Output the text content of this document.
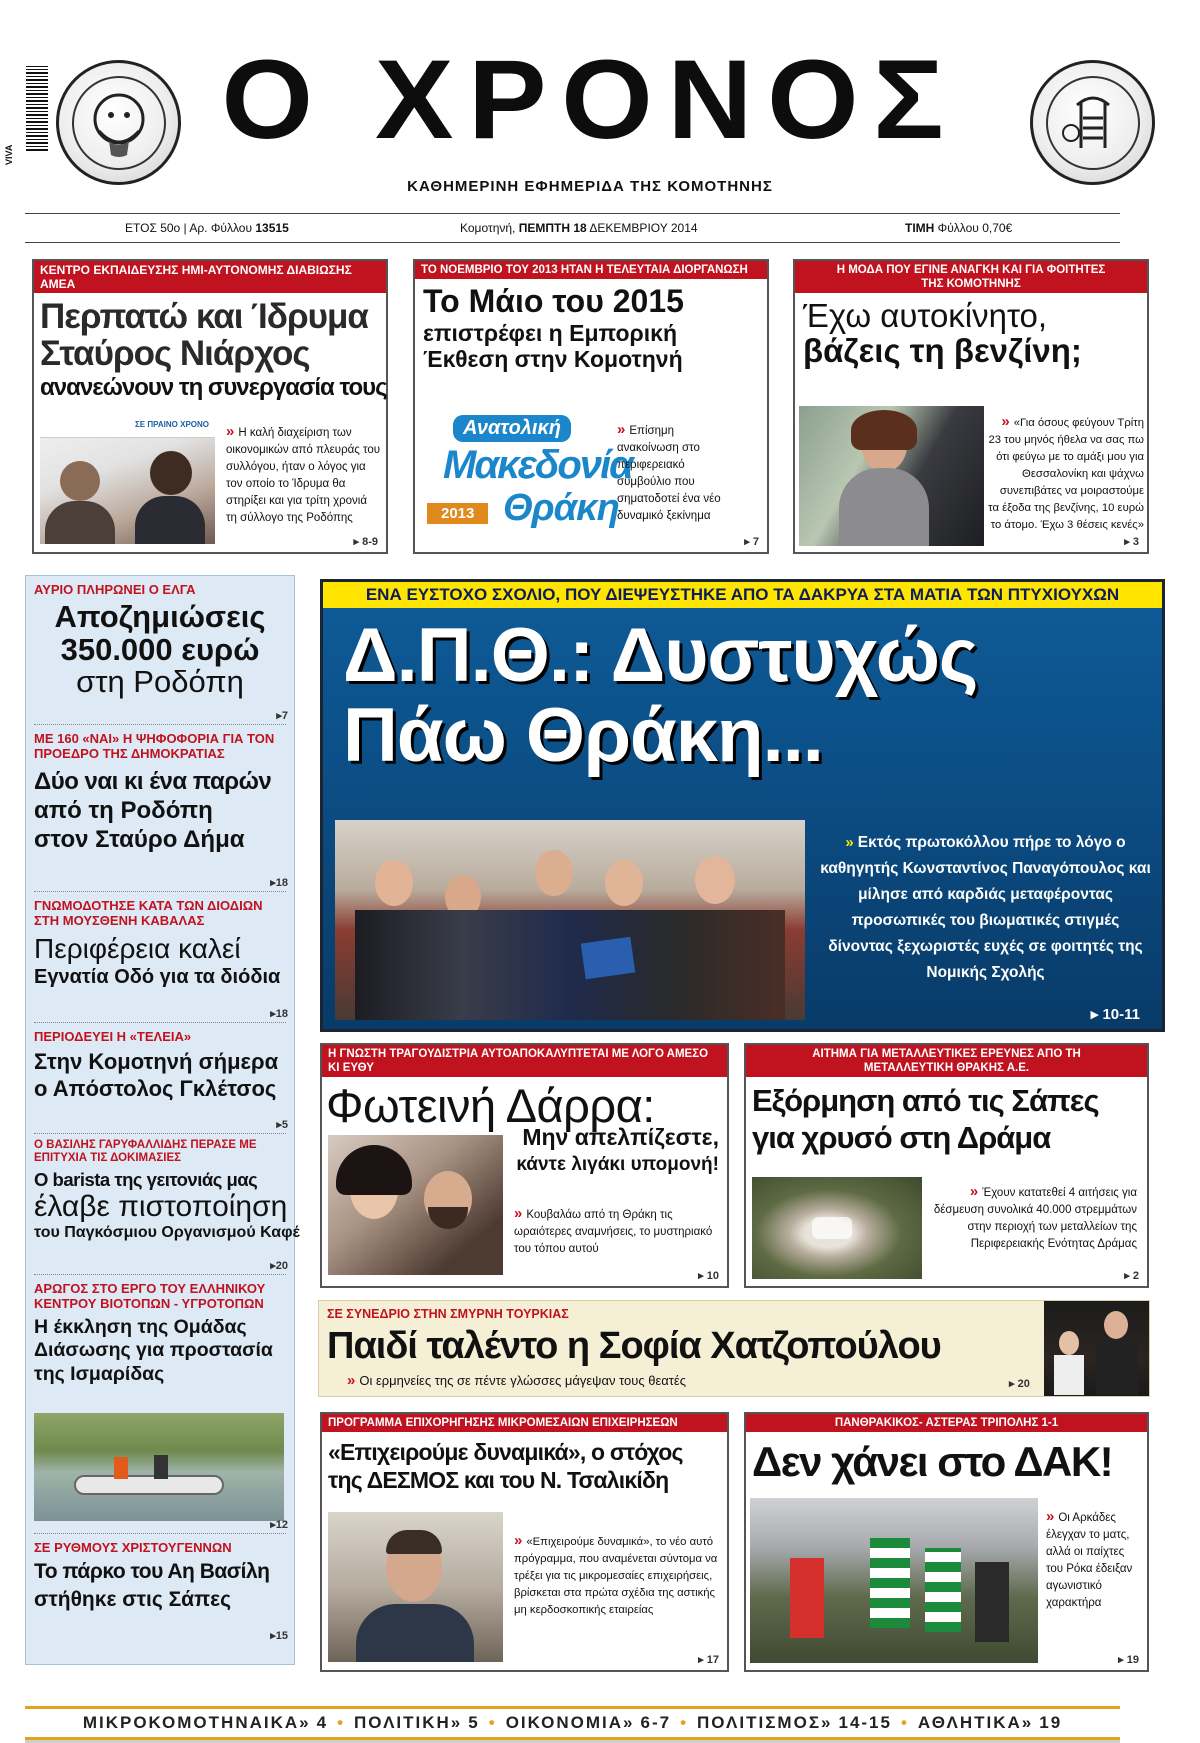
VIVA	Ο ΧΡΟΝΟΣ
ΚΑΘΗΜΕΡΙΝΗ ΕΦΗΜΕΡΙΔΑ ΤΗΣ ΚΟΜΟΤΗΝΗΣ
ΕΤΟΣ 50ο | Αρ. Φύλλου 13515	Κομοτηνή, ΠΕΜΠΤΗ 18 ΔΕΚΕΜΒΡΙΟΥ 2014	ΤΙΜΗ Φύλλου 0,70€
ΚΕΝΤΡΟ ΕΚΠΑΙΔΕΥΣΗΣ ΗΜΙ-ΑΥΤΟΝΟΜΗΣ ΔΙΑΒΙΩΣΗΣ ΑΜΕΑ
Περπατώ και Ίδρυμα
Σταύρος Νιάρχος
ανανεώνουν τη συνεργασία τους
ΣΕ ΠΡΑΙΝΟ ΧΡΟΝΟ	» Η καλή διαχείριση των οικονομικών από πλευράς του συλλόγου, ήταν ο λόγος για τον οποίο το Ίδρυμα θα στηρίξει και για τρίτη χρονιά τη σύλλογο της Ροδόπης
▸ 8-9
ΤΟ ΝΟΕΜΒΡΙΟ ΤΟΥ 2013 ΗΤΑΝ Η ΤΕΛΕΥΤΑΙΑ ΔΙΟΡΓΑΝΩΣΗ
Το Μάιο του 2015
επιστρέφει η Εμπορική
Έκθεση στην Κομοτηνή
Ανατολική
Μακεδονία
Θράκη
2013
» Επίσημη ανακοίνωση στο περιφερειακό συμβούλιο που σηματοδοτεί ένα νέο δυναμικό ξεκίνημα
▸ 7
Η ΜΟΔΑ ΠΟΥ ΕΓΙΝΕ ΑΝΑΓΚΗ ΚΑΙ ΓΙΑ ΦΟΙΤΗΤΕΣ ΤΗΣ ΚΟΜΟΤΗΝΗΣ
Έχω αυτοκίνητο,
βάζεις τη βενζίνη;
» «Για όσους φεύγουν Τρίτη 23 του μηνός ήθελα να σας πω ότι φεύγω με το αμάξι μου για Θεσσαλονίκη και ψάχνω συνεπιβάτες να μοιραστούμε τα έξοδα της βενζίνης, 10 ευρώ το άτομο. Έχω 3 θέσεις κενές»
▸ 3
ΑΥΡΙΟ ΠΛΗΡΩΝΕΙ Ο ΕΛΓΑ
Αποζημιώσεις
350.000 ευρώ
στη Ροδόπη
▸7
ΜΕ 160 «ΝΑΙ» Η ΨΗΦΟΦΟΡΙΑ ΓΙΑ ΤΟΝ ΠΡΟΕΔΡΟ ΤΗΣ ΔΗΜΟΚΡΑΤΙΑΣ
Δύο ναι κι ένα παρών
από τη Ροδόπη
στον Σταύρο Δήμα
▸18
ΓΝΩΜΟΔΟΤΗΣΕ ΚΑΤΑ ΤΩΝ ΔΙΟΔΙΩΝ ΣΤΗ ΜΟΥΣΘΕΝΗ ΚΑΒΑΛΑΣ
Περιφέρεια καλεί
Εγνατία Οδό για τα διόδια
▸18
ΠΕΡΙΟΔΕΥΕΙ Η «ΤΕΛΕΙΑ»
Στην Κομοτηνή σήμερα
ο Απόστολος Γκλέτσος
▸5
Ο ΒΑΣΙΛΗΣ ΓΑΡΥΦΑΛΛΙΔΗΣ ΠΕΡΑΣΕ ΜΕ ΕΠΙΤΥΧΙΑ ΤΙΣ ΔΟΚΙΜΑΣΙΕΣ
Ο barista της γειτονιάς μας
έλαβε πιστοποίηση
του Παγκόσμιου Οργανισμού Καφέ
▸20
ΑΡΩΓΟΣ ΣΤΟ ΕΡΓΟ ΤΟΥ ΕΛΛΗΝΙΚΟΥ ΚΕΝΤΡΟΥ ΒΙΟΤΟΠΩΝ - ΥΓΡΟΤΟΠΩΝ
Η έκκληση της Ομάδας
Διάσωσης για προστασία
της Ισμαρίδας
▸12
ΣΕ ΡΥΘΜΟΥΣ ΧΡΙΣΤΟΥΓΕΝΝΩΝ
Το πάρκο του Αη Βασίλη
στήθηκε στις Σάπες
▸15
ΕΝΑ ΕΥΣΤΟΧΟ ΣΧΟΛΙΟ, ΠΟΥ ΔΙΕΨΕΥΣΤΗΚΕ ΑΠΟ ΤΑ ΔΑΚΡΥΑ ΣΤΑ ΜΑΤΙΑ ΤΩΝ ΠΤΥΧΙΟΥΧΩΝ
Δ.Π.Θ.: Δυστυχώς
Πάω Θράκη...
» Εκτός πρωτοκόλλου πήρε το λόγο ο καθηγητής Κωνσταντίνος Παναγόπουλος και μίλησε από καρδιάς μεταφέροντας προσωπικές του βιωματικές στιγμές δίνοντας ξεχωριστές ευχές σε φοιτητές της Νομικής Σχολής
▸ 10-11
Η ΓΝΩΣΤΗ ΤΡΑΓΟΥΔΙΣΤΡΙΑ ΑΥΤΟΑΠΟΚΑΛΥΠΤΕΤΑΙ ΜΕ ΛΟΓΟ ΑΜΕΣΟ ΚΙ ΕΥΘΥ
Φωτεινή Δάρρα:
Μην απελπίζεστε,
κάντε λιγάκι υπομονή!
» Κουβαλάω από τη Θράκη τις ωραιότερες αναμνήσεις, το μυστηριακό του τόπου αυτού
▸ 10
ΑΙΤΗΜΑ ΓΙΑ ΜΕΤΑΛΛΕΥΤΙΚΕΣ ΕΡΕΥΝΕΣ ΑΠΟ ΤΗ ΜΕΤΑΛΛΕΥΤΙΚΗ ΘΡΑΚΗΣ Α.Ε.
Εξόρμηση από τις Σάπες
για χρυσό στη Δράμα
» Έχουν κατατεθεί 4 αιτήσεις για δέσμευση συνολικά 40.000 στρεμμάτων στην περιοχή των μεταλλείων της Περιφερειακής Ενότητας Δράμας
▸ 2
ΣΕ ΣΥΝΕΔΡΙΟ ΣΤΗΝ ΣΜΥΡΝΗ ΤΟΥΡΚΙΑΣ
Παιδί ταλέντο η Σοφία Χατζοπούλου
» Οι ερμηνείες της σε πέντε γλώσσες μάγεψαν τους θεατές	▸ 20
ΠΡΟΓΡΑΜΜΑ ΕΠΙΧΟΡΗΓΗΣΗΣ ΜΙΚΡΟΜΕΣΑΙΩΝ ΕΠΙΧΕΙΡΗΣΕΩΝ
«Επιχειρούμε δυναμικά», ο στόχος
της ΔΕΣΜΟΣ και του Ν. Τσαλικίδη
» «Επιχειρούμε δυναμικά», το νέο αυτό πρόγραμμα, που αναμένεται σύντομα να τρέξει για τις μικρομεσαίες επιχειρήσεις, βρίσκεται στα πρώτα σχέδια της αστικής μη κερδοσκοπικής εταιρείας
▸ 17
ΠΑΝΘΡΑΚΙΚΟΣ- ΑΣΤΕΡΑΣ ΤΡΙΠΟΛΗΣ 1-1
Δεν χάνει στο ΔΑΚ!
» Οι Αρκάδες έλεγχαν το ματς, αλλά οι παίχτες του Ρόκα έδειξαν αγωνιστικό χαρακτήρα
▸ 19
ΜΙΚΡΟΚΟΜΟΤΗΝΑΙΚΑ» 4 • ΠΟΛΙΤΙΚΗ» 5 • ΟΙΚΟΝΟΜΙΑ» 6-7 • ΠΟΛΙΤΙΣΜΟΣ» 14-15 • ΑΘΛΗΤΙΚΑ» 19
